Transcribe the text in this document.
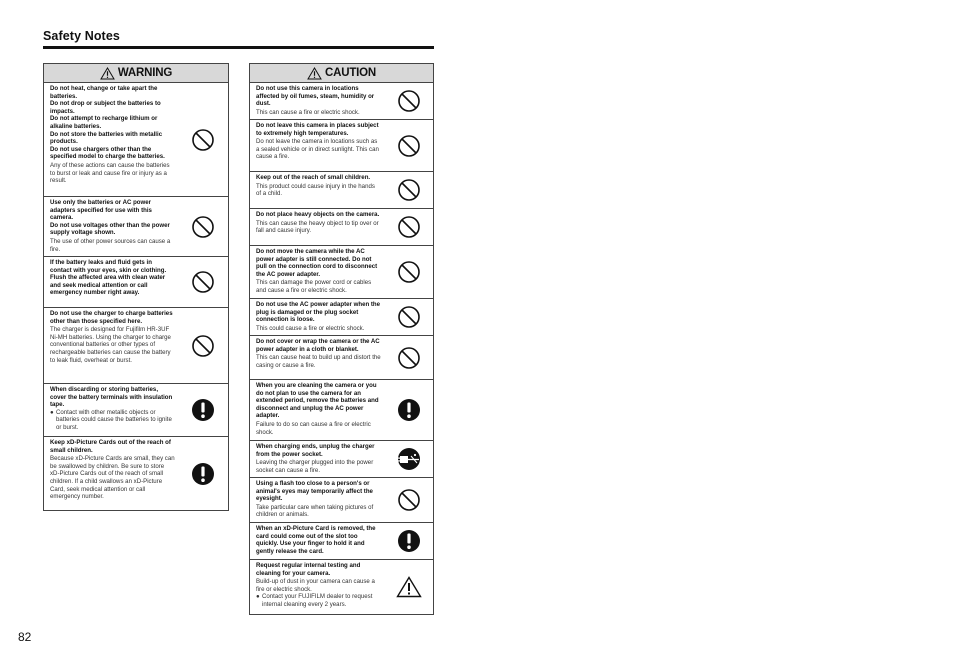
Safety Notes
WARNING
Do not heat, change or take apart the batteries.
Do not drop or subject the batteries to impacts.
Do not attempt to recharge lithium or alkaline batteries.
Do not store the batteries with metallic products.
Do not use chargers other than the specified model to charge the batteries.
Any of these actions can cause the batteries to burst or leak and cause fire or injury as a result.
Use only the batteries or AC power adapters specified for use with this camera.
Do not use voltages other than the power supply voltage shown.
The use of other power sources can cause a fire.
If the battery leaks and fluid gets in contact with your eyes, skin or clothing. Flush the affected area with clean water and seek medical attention or call emergency number right away.
Do not use the charger to charge batteries other than those specified here.
The charger is designed for Fujifilm HR-3UF Ni-MH batteries. Using the charger to charge conventional batteries or other types of rechargeable batteries can cause the battery to leak fluid, overheat or burst.
When discarding or storing batteries, cover the battery terminals with insulation tape.
● Contact with other metallic objects or batteries could cause the batteries to ignite or burst.
Keep xD-Picture Cards out of the reach of small children.
Because xD-Picture Cards are small, they can be swallowed by children. Be sure to store xD-Picture Cards out of the reach of small children. If a child swallows an xD-Picture Card, seek medical attention or call emergency number.
CAUTION
Do not use this camera in locations affected by oil fumes, steam, humidity or dust.
This can cause a fire or electric shock.
Do not leave this camera in places subject to extremely high temperatures.
Do not leave the camera in locations such as a sealed vehicle or in direct sunlight. This can cause a fire.
Keep out of the reach of small children.
This product could cause injury in the hands of a child.
Do not place heavy objects on the camera.
This can cause the heavy object to tip over or fall and cause injury.
Do not move the camera while the AC power adapter is still connected. Do not pull on the connection cord to disconnect the AC power adapter.
This can damage the power cord or cables and cause a fire or electric shock.
Do not use the AC power adapter when the plug is damaged or the plug socket connection is loose.
This could cause a fire or electric shock.
Do not cover or wrap the camera or the AC power adapter in a cloth or blanket.
This can cause heat to build up and distort the casing or cause a fire.
When you are cleaning the camera or you do not plan to use the camera for an extended period, remove the batteries and disconnect and unplug the AC power adapter.
Failure to do so can cause a fire or electric shock.
When charging ends, unplug the charger from the power socket.
Leaving the charger plugged into the power socket can cause a fire.
Using a flash too close to a person's or animal's eyes may temporarily affect the eyesight.
Take particular care when taking pictures of children or animals.
When an xD-Picture Card is removed, the card could come out of the slot too quickly. Use your finger to hold it and gently release the card.
Request regular internal testing and cleaning for your camera.
Build-up of dust in your camera can cause a fire or electric shock.
● Contact your FUJIFILM dealer to request internal cleaning every 2 years.
82
